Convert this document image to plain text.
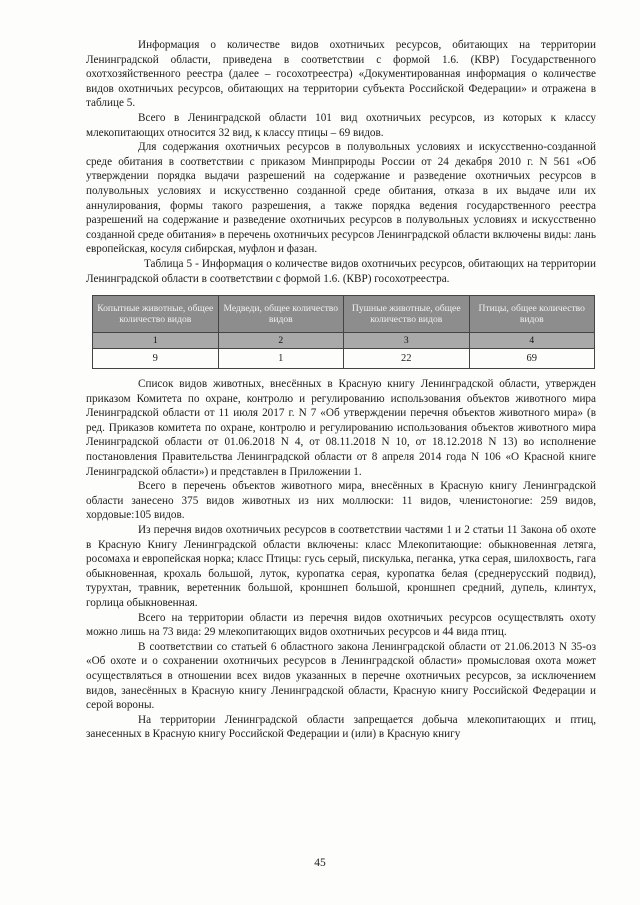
Информация о количестве видов охотничьих ресурсов, обитающих на территории Ленинградской области, приведена в соответствии с формой 1.6. (КВР) Государственного охотхозяйственного реестра (далее – госохотреестра) «Документированная информация о количестве видов охотничьих ресурсов, обитающих на территории субъекта Российской Федерации» и отражена в таблице 5.

Всего в Ленинградской области 101 вид охотничьих ресурсов, из которых к классу млекопитающих относится 32 вид, к классу птицы – 69 видов.

Для содержания охотничьих ресурсов в полувольных условиях и искусственно-созданной среде обитания в соответствии с приказом Минприроды России от 24 декабря 2010 г. N 561 «Об утверждении порядка выдачи разрешений на содержание и разведение охотничьих ресурсов в полувольных условиях и искусственно созданной среде обитания, отказа в их выдаче или их аннулирования, формы такого разрешения, а также порядка ведения государственного реестра разрешений на содержание и разведение охотничьих ресурсов в полувольных условиях и искусственно созданной среде обитания» в перечень охотничьих ресурсов Ленинградской области включены виды: лань европейская, косуля сибирская, муфлон и фазан.

Таблица 5 - Информация о количестве видов охотничьих ресурсов, обитающих на территории Ленинградской области в соответствии с формой 1.6. (КВР) госохотреестра.

Копытные животные, общее количество видов	Медведи, общее количество видов	Пушные животные, общее количество видов	Птицы, общее количество видов
1	2	3	4
9	1	22	69

Список видов животных, внесённых в Красную книгу Ленинградской области, утвержден приказом Комитета по охране, контролю и регулированию использования объектов животного мира Ленинградской области от 11 июля 2017 г. N 7 «Об утверждении перечня объектов животного мира» (в ред. Приказов комитета по охране, контролю и регулированию использования объектов животного мира Ленинградской области от 01.06.2018 N 4, от 08.11.2018 N 10, от 18.12.2018 N 13) во исполнение постановления Правительства Ленинградской области от 8 апреля 2014 года N 106 «О Красной книге Ленинградской области») и представлен в Приложении 1.

Всего в перечень объектов животного мира, внесённых в Красную книгу Ленинградской области занесено 375 видов животных из них моллюски: 11 видов, членистоногие: 259 видов, хордовые:105 видов.

Из перечня видов охотничьих ресурсов в соответствии частями 1 и 2 статьи 11 Закона об охоте в Красную Книгу Ленинградской области включены: класс Млекопитающие: обыкновенная летяга, росомаха и европейская норка; класс Птицы: гусь серый, пискулька, пеганка, утка серая, шилохвость, гага обыкновенная, крохаль большой, луток, куропатка серая, куропатка белая (среднерусский подвид), турухтан, травник, веретенник большой, кроншнеп большой, кроншнеп средний, дупель, клинтух, горлица обыкновенная.

Всего на территории области из перечня видов охотничьих ресурсов осуществлять охоту можно лишь на 73 вида: 29 млекопитающих видов охотничьих ресурсов и 44 вида птиц.

В соответствии со статьей 6 областного закона Ленинградской области от 21.06.2013 N 35-оз «Об охоте и о сохранении охотничьих ресурсов в Ленинградской области» промысловая охота может осуществляться в отношении всех видов указанных в перечне охотничьих ресурсов, за исключением видов, занесённых в Красную книгу Ленинградской области, Красную книгу Российской Федерации и серой вороны.

На территории Ленинградской области запрещается добыча млекопитающих и птиц, занесенных в Красную книгу Российской Федерации и (или) в Красную книгу

45
